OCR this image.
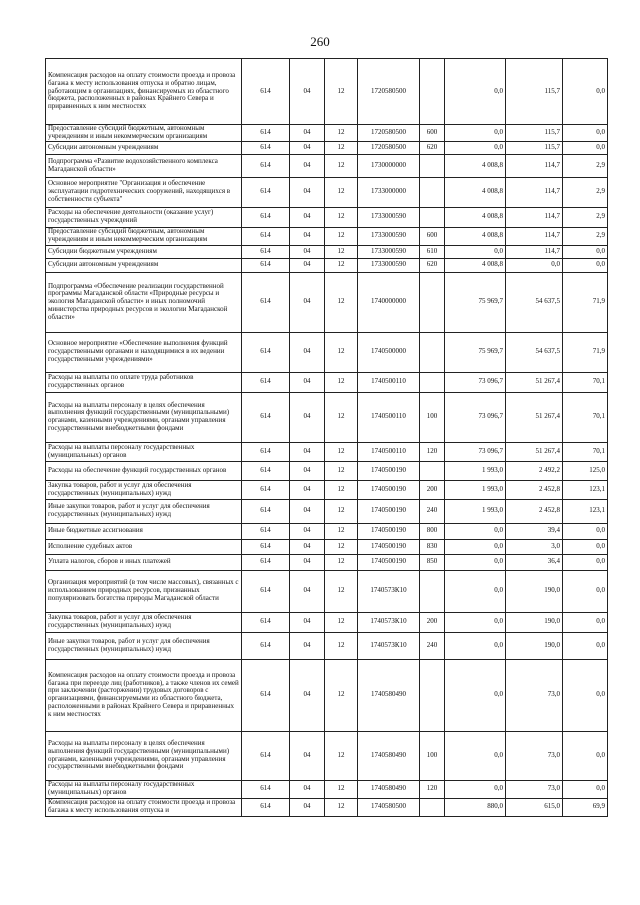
260
Компенсация расходов на оплату стоимости проезда и провоза багажа к месту использования отпуска и обратно лицам, работающим в организациях, финансируемых из областного бюджета, расположенных в районах Крайнего Севера и приравненных к ним местностях	614	04	12	1720580500		0,0	115,7	0,0
Предоставление субсидий бюджетным, автономным учреждениям и иным некоммерческим организациям	614	04	12	1720580500	600	0,0	115,7	0,0
Субсидии автономным учреждениям	614	04	12	1720580500	620	0,0	115,7	0,0
Подпрограмма «Развитие водохозяйственного комплекса Магаданской области»	614	04	12	1730000000		4 008,8	114,7	2,9
Основное мероприятие "Организация и обеспечение эксплуатации гидротехнических сооружений, находящихся в собственности субъекта"	614	04	12	1733000000		4 008,8	114,7	2,9
Расходы на обеспечение деятельности (оказание услуг) государственных учреждений	614	04	12	1733000590		4 008,8	114,7	2,9
Предоставление субсидий бюджетным, автономным учреждениям и иным некоммерческим организациям	614	04	12	1733000590	600	4 008,8	114,7	2,9
Субсидии бюджетным учреждениям	614	04	12	1733000590	610	0,0	114,7	0,0
Субсидии автономным учреждениям	614	04	12	1733000590	620	4 008,8	0,0	0,0
Подпрограмма «Обеспечение реализации государственной программы Магаданской области «Природные ресурсы и экология Магаданской области» и иных полномочий министерства природных ресурсов и экологии Магаданской области»	614	04	12	1740000000		75 969,7	54 637,5	71,9
Основное мероприятие «Обеспечение выполнения функций государственными органами и находящимися в их ведении государственными учреждениями»	614	04	12	1740500000		75 969,7	54 637,5	71,9
Расходы на выплаты по оплате труда работников государственных органов	614	04	12	1740500110		73 096,7	51 267,4	70,1
Расходы на выплаты персоналу в целях обеспечения выполнения функций государственными (муниципальными) органами, казенными учреждениями, органами управления государственными внебюджетными фондами	614	04	12	1740500110	100	73 096,7	51 267,4	70,1
Расходы на выплаты персоналу государственных (муниципальных) органов	614	04	12	1740500110	120	73 096,7	51 267,4	70,1
Расходы на обеспечение функций государственных органов	614	04	12	1740500190		1 993,0	2 492,2	125,0
Закупка товаров, работ и услуг для обеспечения государственных (муниципальных) нужд	614	04	12	1740500190	200	1 993,0	2 452,8	123,1
Иные закупки товаров, работ и услуг для обеспечения государственных (муниципальных) нужд	614	04	12	1740500190	240	1 993,0	2 452,8	123,1
Иные бюджетные ассигнования	614	04	12	1740500190	800	0,0	39,4	0,0
Исполнение судебных актов	614	04	12	1740500190	830	0,0	3,0	0,0
Уплата налогов, сборов и иных платежей	614	04	12	1740500190	850	0,0	36,4	0,0
Организация мероприятий (в том числе массовых), связанных с использованием природных ресурсов, признанных популяризовать богатства природы Магаданской области	614	04	12	174057ЗК10		0,0	190,0	0,0
Закупка товаров, работ и услуг для обеспечения государственных (муниципальных) нужд	614	04	12	174057ЗК10	200	0,0	190,0	0,0
Иные закупки товаров, работ и услуг для обеспечения государственных (муниципальных) нужд	614	04	12	174057ЗК10	240	0,0	190,0	0,0
Компенсация расходов на оплату стоимости проезда и провоза багажа при переезде лиц (работников), а также членов их семей при заключении (расторжении) трудовых договоров с организациями, финансируемыми из областного бюджета, расположенными в районах Крайнего Севера и приравненных к ним местностях	614	04	12	1740580490		0,0	73,0	0,0
Расходы на выплаты персоналу в целях обеспечения выполнения функций государственными (муниципальными) органами, казенными учреждениями, органами управления государственными внебюджетными фондами	614	04	12	1740580490	100	0,0	73,0	0,0
Расходы на выплаты персоналу государственных (муниципальных) органов	614	04	12	1740580490	120	0,0	73,0	0,0
Компенсация расходов на оплату стоимости проезда и провоза багажа к месту использования отпуска и	614	04	12	1740580500		880,0	615,0	69,9
